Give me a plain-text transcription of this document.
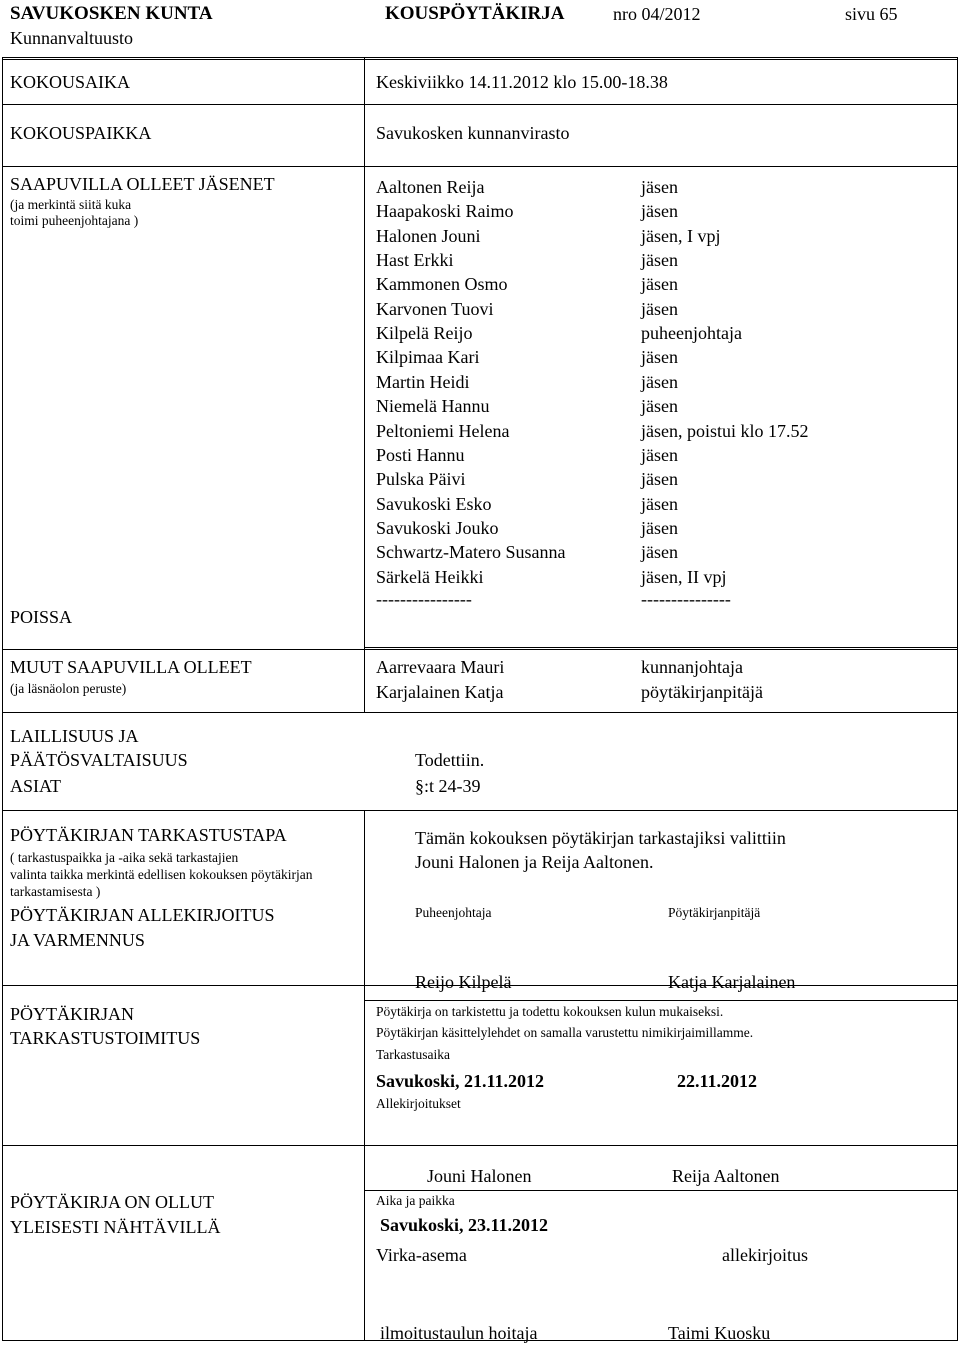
SAVUKOSKEN KUNTA
Kunnanvaltuusto
KOUSPÖYTÄKIRJA	nro 04/2012	sivu 65
KOKOUSAIKA	Keskiviikko 14.11.2012 klo 15.00-18.38
KOKOUSPAIKKA	Savukosken kunnanvirasto
SAAPUVILLA OLLEET JÄSENET
(ja merkintä siitä kuka
toimi puheenjohtajana )
Aaltonen Reija	jäsen
Haapakoski Raimo	jäsen
Halonen Jouni	jäsen, I vpj
Hast Erkki	jäsen
Kammonen Osmo	jäsen
Karvonen Tuovi	jäsen
Kilpelä Reijo	puheenjohtaja
Kilpimaa Kari	jäsen
Martin Heidi	jäsen
Niemelä Hannu	jäsen
Peltoniemi Helena	jäsen, poistui klo 17.52
Posti Hannu	jäsen
Pulska Päivi	jäsen
Savukoski Esko	jäsen
Savukoski Jouko	jäsen
Schwartz-Matero Susanna	jäsen
Särkelä Heikki	jäsen, II vpj
POISSA
----------------	---------------
MUUT SAAPUVILLA OLLEET
(ja läsnäolon peruste)
Aarrevaara Mauri	kunnanjohtaja
Karjalainen Katja	pöytäkirjanpitäjä
LAILLISUUS JA
PÄÄTÖSVALTAISUUS	Todettiin.
ASIAT	§:t 24-39
PÖYTÄKIRJAN TARKASTUSTAPA
( tarkastuspaikka ja -aika sekä tarkastajien
valinta taikka merkintä edellisen kokouksen pöytäkirjan
tarkastamisesta )
Tämän kokouksen pöytäkirjan tarkastajiksi valittiin
Jouni Halonen ja Reija Aaltonen.
PÖYTÄKIRJAN ALLEKIRJOITUS
JA VARMENNUS
Puheenjohtaja	Pöytäkirjanpitäjä
Reijo Kilpelä	Katja Karjalainen
PÖYTÄKIRJAN
TARKASTUSTOIMITUS
Pöytäkirja on tarkistettu ja todettu kokouksen kulun mukaiseksi.
Pöytäkirjan käsittelylehdet on samalla varustettu nimikirjaimillamme.
Tarkastusaika
Savukoski, 21.11.2012	22.11.2012
Allekirjoitukset
Jouni Halonen	Reija Aaltonen
PÖYTÄKIRJA ON OLLUT
YLEISESTI NÄHTÄVILLÄ
Aika ja paikka
Savukoski, 23.11.2012
Virka-asema	allekirjoitus
ilmoitustaulun hoitaja	Taimi Kuosku
